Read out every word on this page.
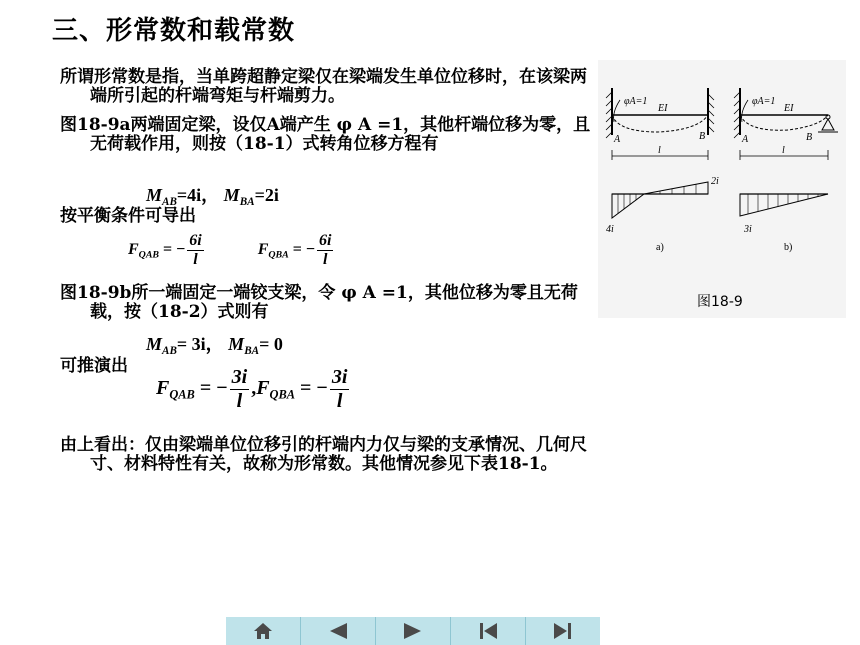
三、形常数和载常数
所谓形常数是指，当单跨超静定梁仅在梁端发生单位位移时，在该梁两端所引起的杆端弯矩与杆端剪力。
图18-9a两端固定梁，设仅A端产生 φ A =1，其他杆端位移为零，且无荷载作用，则按（18-1）式转角位移方程有
$M_{AB}=4i$， $M_{BA}=2i$
按平衡条件可导出
$F_{QAB}$ = − $\frac{6i}{l}$	$F_{QBA}$ = − $\frac{6i}{l}$
图18-9b所一端固定一端铰支梁，令 φ A =1，其他位移为零且无荷载，按（18-2）式则有
$M_{AB}= 3i$， $M_{BA}= 0$
可推演出
$F_{QAB}$ = − $\frac{3i}{l} ,F_{QBA}$ = − $\frac{3i}{l}$
由上看出：仅由梁端单位位移引的杆端内力仅与梁的支承情况、几何尺寸、材料特性有关，故称为形常数。其他情况参见下表18-1。
φA=1
EI
A	B
l
2i
4i
a)
φA=1
EI
A	B
l
3i
b)
图18-9
